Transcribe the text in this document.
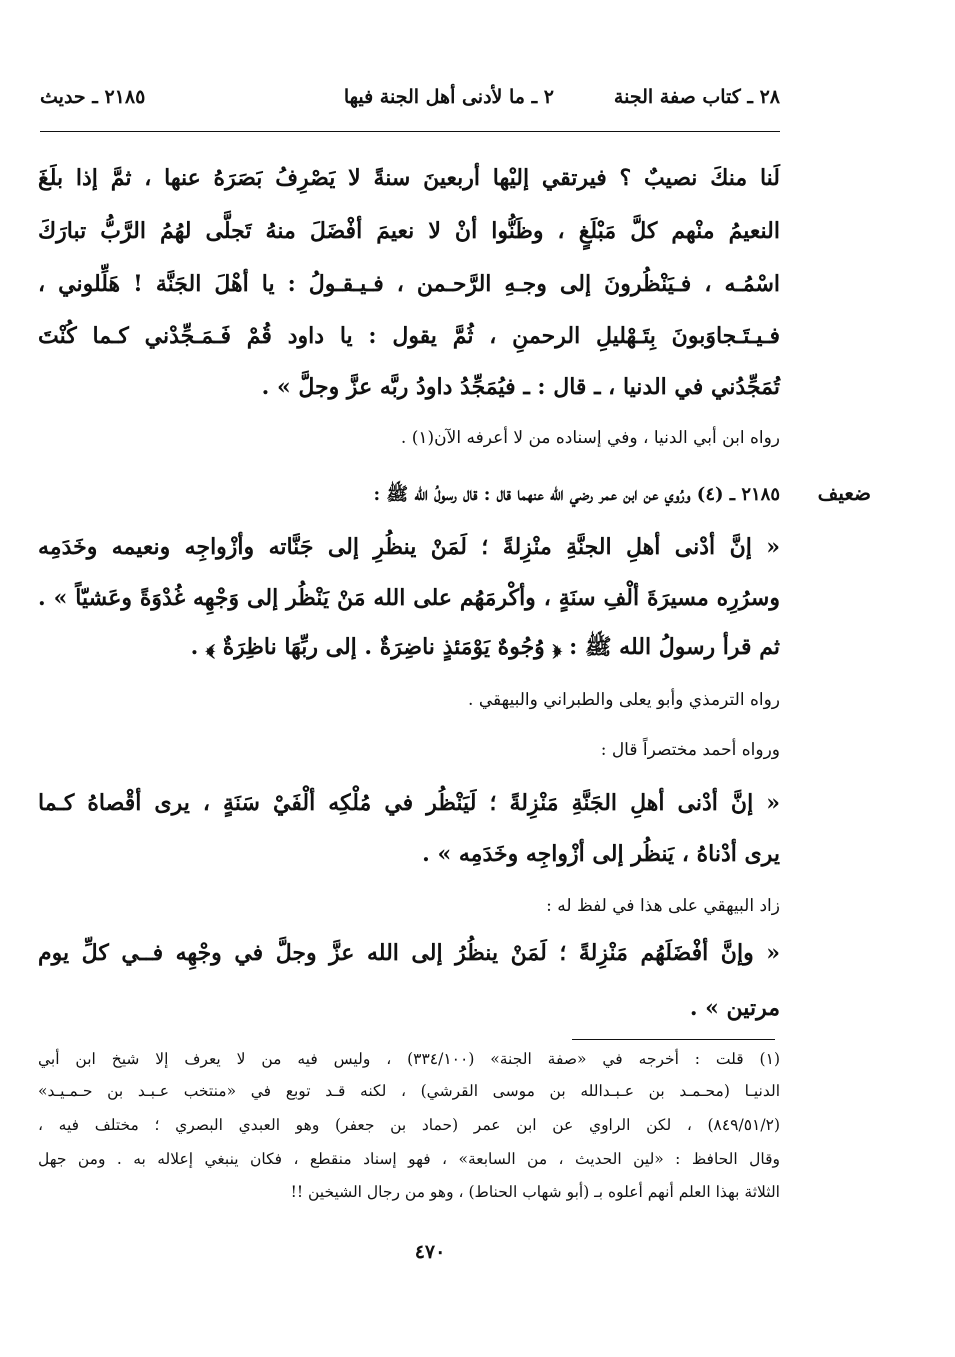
٢٨ ـ كتاب صفة الجنة
٢ ـ ما لأدنى أهل الجنة فيها
٢١٨٥ ـ حديث
لَنا منكَ نصيبٌ ؟ فيرتقي إليْها أربعينَ سنةً لا يَصْرِفُ بَصَرَهُ عنها ، ثمَّ إذا بلَغَ
النعيمُ منْهم كلَّ مَبْلَغٍ ، وظَنُّوا أنْ لا نعيمَ أفْضَلَ منهُ تَجلَّى لهُمُ الرَّبُّ تبارَكَ
اسْمُـه ، فـيَنْظُرونَ إلى وجـهِ الرَّحـمن ، فـيـقـولُ : يا أهْلَ الجَنَّة ! هَلِّلوني ،
فـيـتَـجاوَبونَ بِتَـهْليلِ الرحمنِ ، ثُمَّ يقول : يا داود قُمْ فَـمَـجِّدْني كـما كُنْتَ
تُمَجِّدُني في الدنيا ، ـ قال : ـ فيُمَجِّدُ داودُ ربَّه عزَّ وجلَّ » .
رواه ابن أبي الدنيا ، وفي إسناده من لا أعرفه الآن(١) .
ضعيف
٢١٨٥ ـ (٤) ورُوي عن ابن عمر رضي الله عنهما قال : قال رسولُ الله ﷺ :
« إنَّ أدْنى أهلِ الجنَّةِ منْزِلةً ؛ لَمَنْ ينظُرِ إلى جَنَّاته وأزْواجِه ونعيمه وخَدَمِه
وسرُرِه مسيرَةَ ألْفِ سنَةٍ ، وأكْرمَهُم على الله مَنْ يَنْظُر إلى وَجْهِه غُدْوَةً وعَشيّاً » .
ثم قرأ رسولُ الله ﷺ : ﴿ وُجُوهٌ يَوْمَئذٍ ناضِرَةٌ . إلى ربِّهَا ناظِرَةٌ ﴾ .
رواه الترمذي وأبو يعلى والطبراني والبيهقي .
ورواه أحمد مختصراً قال :
« إنَّ أدْنى أهلِ الجَنَّةِ مَنْزِلةً ؛ لَيَنْظُر في مُلْكِه ألْفَيْ سَنَةٍ ، يرى أقْصاهُ كـما
يرى أدْناهُ ، يَنظُر إلى أزْواجِه وخَدَمِه » .
زاد البيهقي على هذا في لفظ له :
« وإنَّ أفْضَلَهُم مَنْزِلةً ؛ لَمَنْ ينظُرُ إلى الله عزَّ وجلَّ في وجْهِه فــي كلِّ يوم
مرتين » .
(١) قلت : أخرجه في «صفة الجنة» (٣٣٤/١٠٠) ، وليس فيه من لا يعرف إلا شيخ ابن أبي
الدنيـا (محـمـد بن عـبـدالله بن موسى القرشي) ، لكنه قـد توبع في «منتخب عـبـد بن حـمـيـد»
(٨٤٩/٥١/٢) ، لكن الراوي عن ابن عمر (حماد بن جعفر) وهو العبدي البصري ؛ مختلف فيه ،
وقال الحافظ : «لين الحديث ، من السابعة» ، فهو إسناد منقطع ، فكان ينبغي إعلاله به . ومن جهل
الثلاثة بهذا العلم أنهم أعلوه بـ (أبو شهاب الحناط) ، وهو من رجال الشيخين !!
٤٧٠
